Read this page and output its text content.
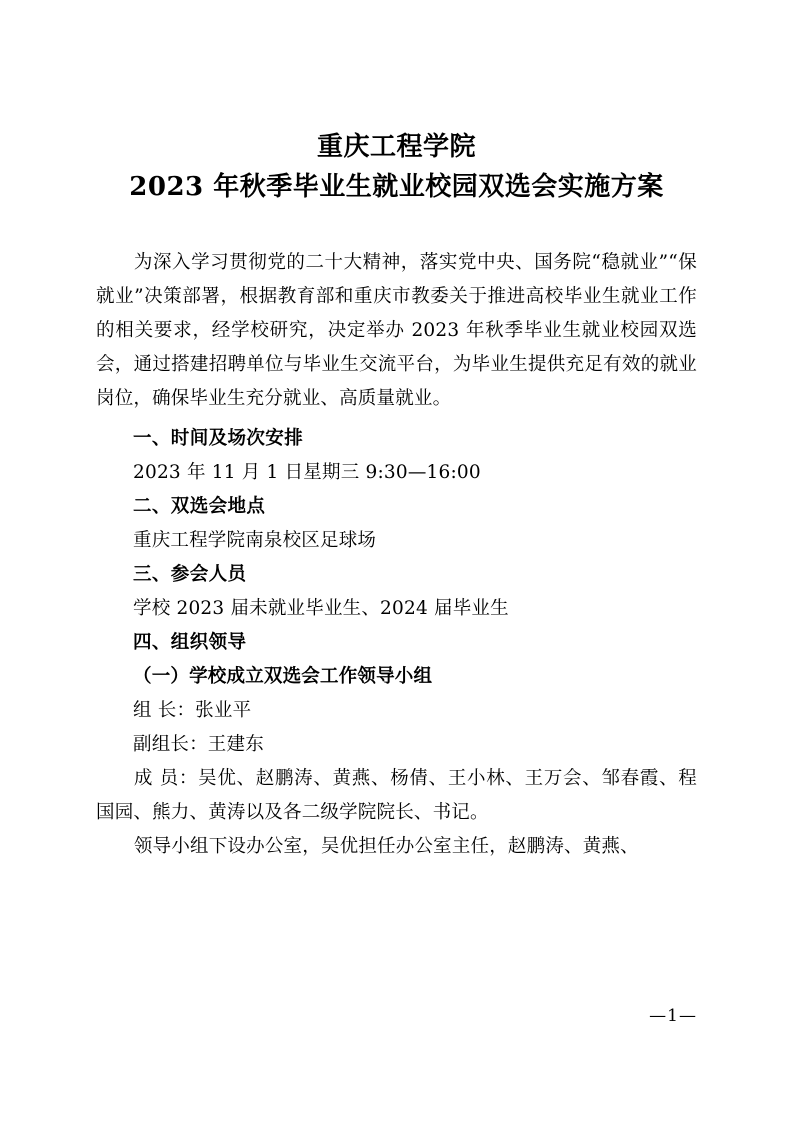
重庆工程学院
2023 年秋季毕业生就业校园双选会实施方案

为深入学习贯彻党的二十大精神，落实党中央、国务院“稳就业”“保就业”决策部署，根据教育部和重庆市教委关于推进高校毕业生就业工作的相关要求，经学校研究，决定举办 2023 年秋季毕业生就业校园双选会，通过搭建招聘单位与毕业生交流平台，为毕业生提供充足有效的就业岗位，确保毕业生充分就业、高质量就业。

一、时间及场次安排

2023 年 11 月 1 日星期三 9:30—16:00

二、双选会地点

重庆工程学院南泉校区足球场

三、参会人员

学校 2023 届未就业毕业生、2024 届毕业生

四、组织领导
（一）学校成立双选会工作领导小组

组 长：张业平

副组长：王建东

成 员：吴优、赵鹏涛、黄燕、杨倩、王小林、王万会、邹春霞、程国园、熊力、黄涛以及各二级学院院长、书记。

领导小组下设办公室，吴优担任办公室主任，赵鹏涛、黄燕、

—1—
